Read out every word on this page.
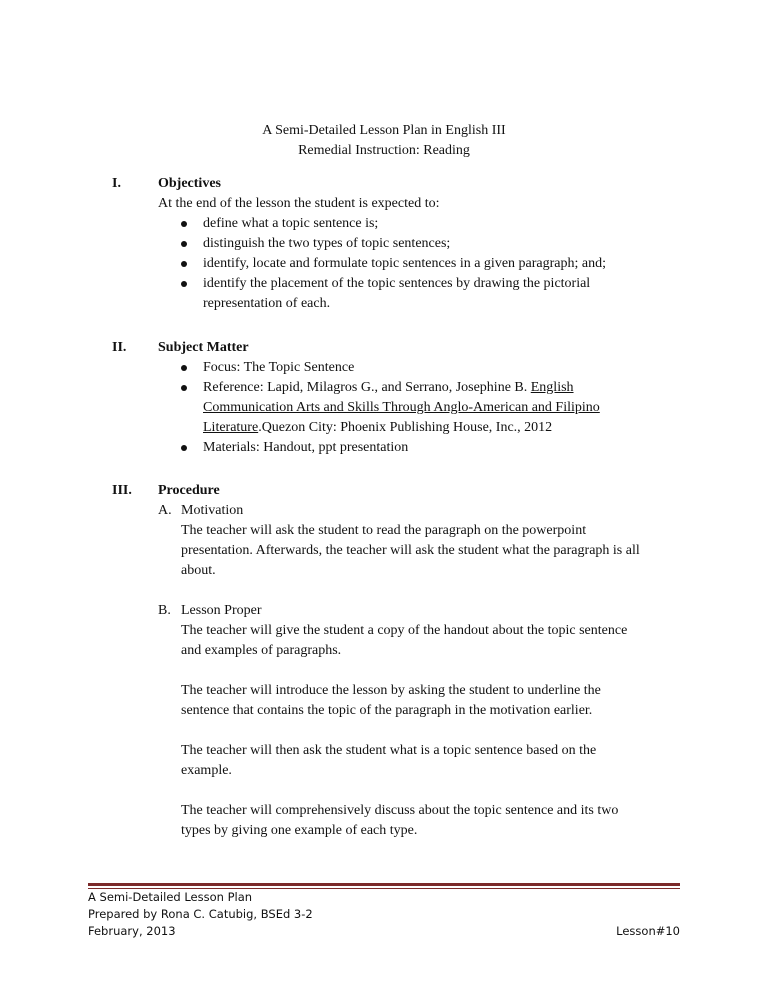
A Semi-Detailed Lesson Plan in English III
Remedial Instruction: Reading
I.	Objectives
At the end of the lesson the student is expected to:
define what a topic sentence is;
distinguish the two types of topic sentences;
identify, locate and formulate topic sentences in a given paragraph; and;
identify the placement of the topic sentences by drawing the pictorial
representation of each.
II. Subject Matter
Focus: The Topic Sentence
Reference: Lapid, Milagros G., and Serrano, Josephine B. English
Communication Arts and Skills Through Anglo-American and Filipino
Literature.Quezon City: Phoenix Publishing House, Inc., 2012
Materials: Handout, ppt presentation
III. Procedure
A. Motivation
The teacher will ask the student to read the paragraph on the powerpoint
presentation. Afterwards, the teacher will ask the student what the paragraph is all
about.
B. Lesson Proper
The teacher will give the student a copy of the handout about the topic sentence
and examples of paragraphs.
The teacher will introduce the lesson by asking the student to underline the
sentence that contains the topic of the paragraph in the motivation earlier.
The teacher will then ask the student what is a topic sentence based on the
example.
The teacher will comprehensively discuss about the topic sentence and its two
types by giving one example of each type.
A Semi-Detailed Lesson Plan
Prepared by Rona C. Catubig, BSEd 3-2
February, 2013	Lesson#10
